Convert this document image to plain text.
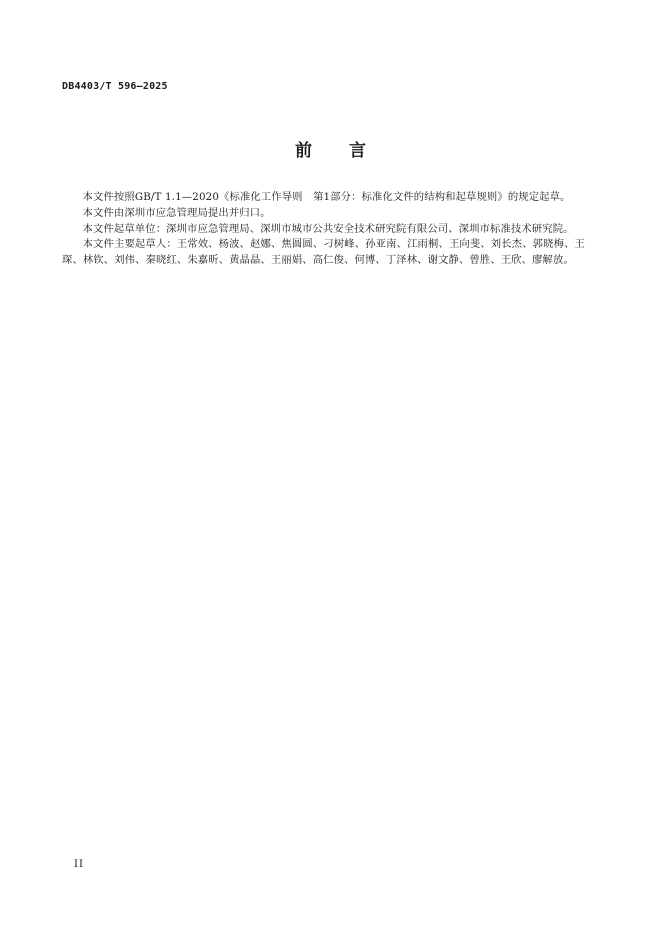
DB4403/T 596—2025
前　　言

本文件按照GB/T 1.1—2020《标准化工作导则　第1部分：标准化文件的结构和起草规则》的规定起草。

本文件由深圳市应急管理局提出并归口。

本文件起草单位：深圳市应急管理局、深圳市城市公共安全技术研究院有限公司、深圳市标准技术研究院。

本文件主要起草人：王常效、杨波、赵娜、焦圆圆、刁树峰、孙亚南、江雨桐、王向斐、刘长杰、郭晓梅、王琛、林钦、刘伟、秦晓红、朱嘉昕、黄晶晶、王丽娟、高仁俊、何博、丁泽林、谢文静、曾胜、王欣、廖解放。

II
